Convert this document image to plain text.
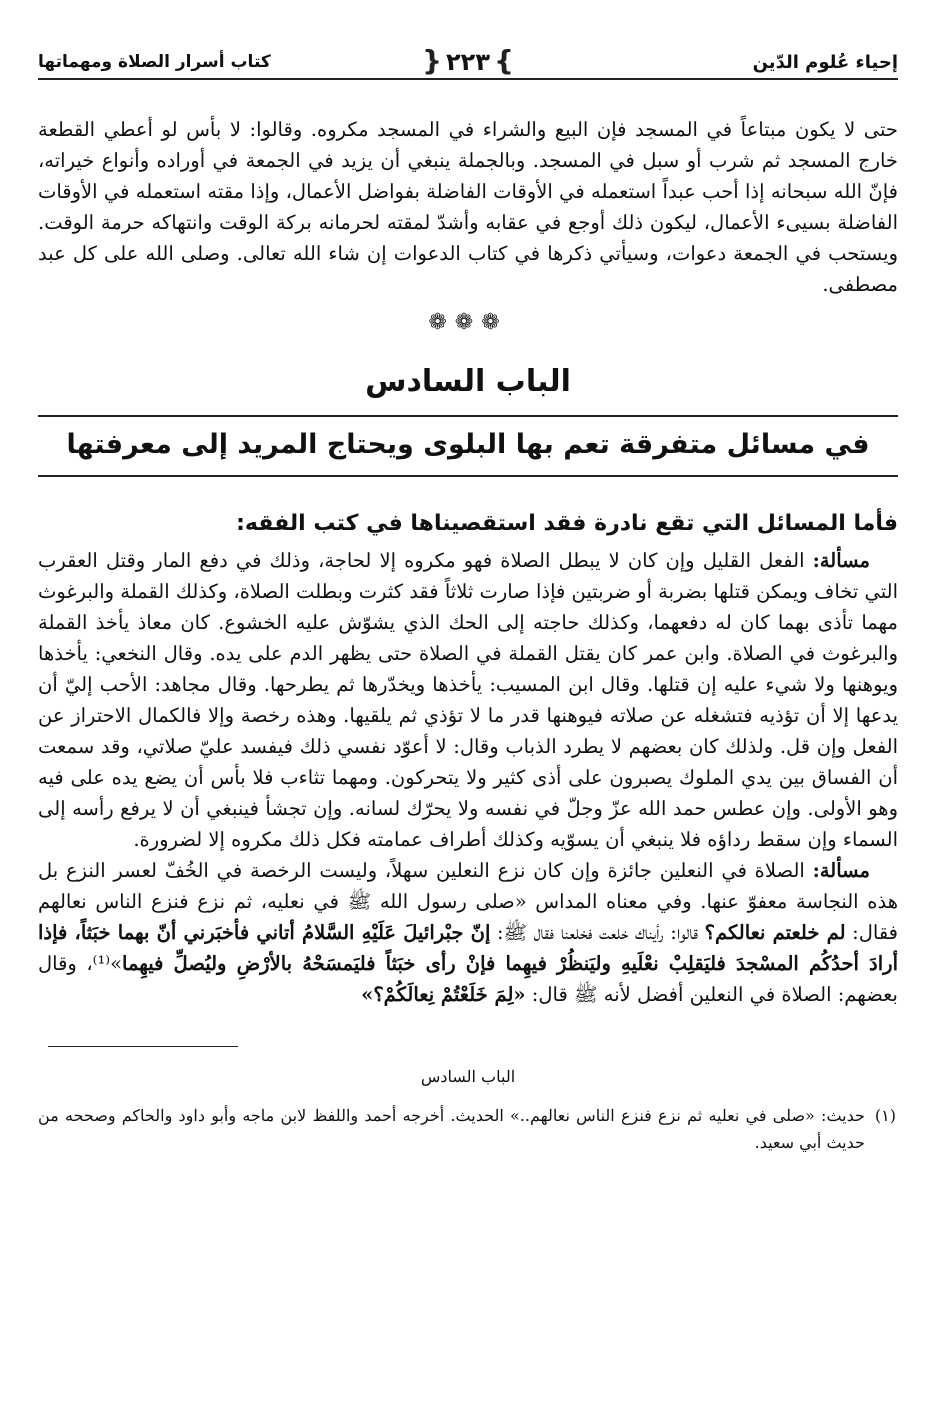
إحياء عُلوم الدّين
}٢٢٣{
كتاب أسرار الصلاة ومهماتها

حتى لا يكون مبتاعاً في المسجد فإن البيع والشراء في المسجد مكروه. وقالوا: لا بأس لو أعطي القطعة خارج المسجد ثم شرب أو سبل في المسجد. وبالجملة ينبغي أن يزيد في الجمعة في أوراده وأنواع خيراته، فإنّ الله سبحانه إذا أحب عبداً استعمله في الأوقات الفاضلة بفواضل الأعمال، وإذا مقته استعمله في الأوقات الفاضلة بسيىء الأعمال، ليكون ذلك أوجع في عقابه وأشدّ لمقته لحرمانه بركة الوقت وانتهاكه حرمة الوقت. ويستحب في الجمعة دعوات، وسيأتي ذكرها في كتاب الدعوات إن شاء الله تعالى. وصلى الله على كل عبد مصطفى.

❁❁❁
الباب السادس
في مسائل متفرقة تعم بها البلوى ويحتاج المريد إلى معرفتها
فأما المسائل التي تقع نادرة فقد استقصيناها في كتب الفقه:

مسألة: الفعل القليل وإن كان لا يبطل الصلاة فهو مكروه إلا لحاجة، وذلك في دفع المار وقتل العقرب التي تخاف ويمكن قتلها بضربة أو ضربتين فإذا صارت ثلاثاً فقد كثرت وبطلت الصلاة، وكذلك القملة والبرغوث مهما تأذى بهما كان له دفعهما، وكذلك حاجته إلى الحك الذي يشوّش عليه الخشوع. كان معاذ يأخذ القملة والبرغوث في الصلاة. وابن عمر كان يقتل القملة في الصلاة حتى يظهر الدم على يده. وقال النخعي: يأخذها ويوهنها ولا شيء عليه إن قتلها. وقال ابن المسيب: يأخذها ويخدّرها ثم يطرحها. وقال مجاهد: الأحب إليّ أن يدعها إلا أن تؤذيه فتشغله عن صلاته فيوهنها قدر ما لا تؤذي ثم يلقيها. وهذه رخصة وإلا فالكمال الاحتراز عن الفعل وإن قل. ولذلك كان بعضهم لا يطرد الذباب وقال: لا أعوّد نفسي ذلك فيفسد عليّ صلاتي، وقد سمعت أن الفساق بين يدي الملوك يصبرون على أذى كثير ولا يتحركون. ومهما تثاءب فلا بأس أن يضع يده على فيه وهو الأولى. وإن عطس حمد الله عزّ وجلّ في نفسه ولا يحرّك لسانه. وإن تجشأ فينبغي أن لا يرفع رأسه إلى السماء وإن سقط رداؤه فلا ينبغي أن يسوّيه وكذلك أطراف عمامته فكل ذلك مكروه إلا لضرورة.

مسألة: الصلاة في النعلين جائزة وإن كان نزع النعلين سهلاً، وليست الرخصة في الخُفّ لعسر النزع بل هذه النجاسة معفوّ عنها. وفي معناه المداس «صلى رسول الله ﷺ في نعليه، ثم نزع فنزع الناس نعالهم فقال: لم خلعتم نعالكم؟ قالوا: رأيناك خلعت فخلعنا فقال ﷺ: إنّ جبْرائيلَ عَلَيْهِ السَّلامُ أتاني فأخبَرني أنّ بهما خبَثاً، فإذا أرادَ أحدُكُم المسْجدَ فليَقلِبْ نعْلَيهِ وليَنظُرْ فيهِما فإنْ رأى خبَثاً فليَمسَحْهُ بالأرْضِ وليُصلِّ فيهِما»⁽¹⁾، وقال بعضهم: الصلاة في النعلين أفضل لأنه ﷺ قال: «لِمَ خَلَعْتُمْ نِعالَكُمْ؟»

الباب السادس
(١)
حديث: «صلى في نعليه ثم نزع فنزع الناس نعالهم..» الحديث. أخرجه أحمد واللفظ لابن ماجه وأبو داود والحاكم وصححه من حديث أبي سعيد.
